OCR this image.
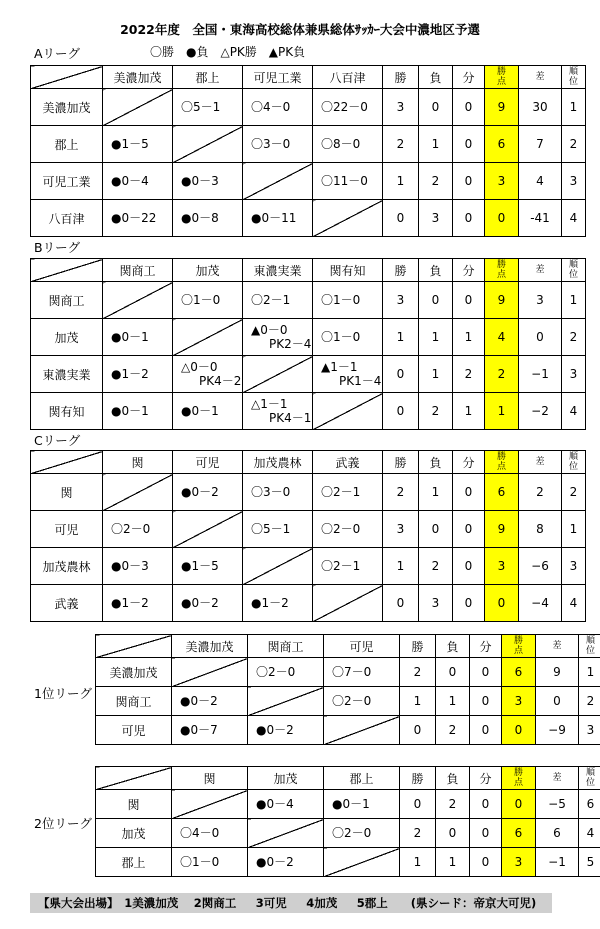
2022年度　全国・東海高校総体兼県総体ｻｯｶｰ大会中濃地区予選
〇勝　●負　△PK勝　▲PK負
Aリーグ
	美濃加茂	郡上	可児工業	八百津	勝	負	分	勝
点	差	順
位
美濃加茂		〇5－1	〇4－0	〇22－0	3	0	0	9	30	1
郡上	●1－5		〇3－0	〇8－0	2	1	0	6	7	2
可児工業	●0－4	●0－3		〇11－0	1	2	0	3	4	3
八百津	●0－22	●0－8	●0－11		0	3	0	0	-41	4
Bリーグ
	関商工	加茂	東濃実業	関有知	勝	負	分	勝
点	差	順
位
関商工		〇1－0	〇2－1	〇1－0	3	0	0	9	3	1
加茂	●0－1		▲0－0
PK2－4	〇1－0	1	1	1	4	0	2
東濃実業	●1－2	△0－0
PK4－2		▲1－1
PK1－4	0	1	2	2	−1	3
関有知	●0－1	●0－1	△1－1
PK4－1		0	2	1	1	−2	4
Cリーグ
	関	可児	加茂農林	武義	勝	負	分	勝
点	差	順
位
関		●0－2	〇3－0	〇2－1	2	1	0	6	2	2
可児	〇2－0		〇5－1	〇2－0	3	0	0	9	8	1
加茂農林	●0－3	●1－5		〇2－1	1	2	0	3	−6	3
武義	●1－2	●0－2	●1－2		0	3	0	0	−4	4
1位リーグ
	美濃加茂	関商工	可児	勝	負	分	勝
点	差	順
位
美濃加茂		〇2－0	〇7－0	2	0	0	6	9	1
関商工	●0－2		〇2－0	1	1	0	3	0	2
可児	●0－7	●0－2		0	2	0	0	−9	3
2位リーグ
	関	加茂	郡上	勝	負	分	勝
点	差	順
位
関		●0－4	●0－1	0	2	0	0	−5	6
加茂	〇4－0		〇2－0	2	0	0	6	6	4
郡上	〇1－0	●0－2		1	1	0	3	−1	5
【県大会出場】　1美濃加茂　 2関商工　  3可児　  4加茂　  5郡上　　(県シード：帝京大可児)
